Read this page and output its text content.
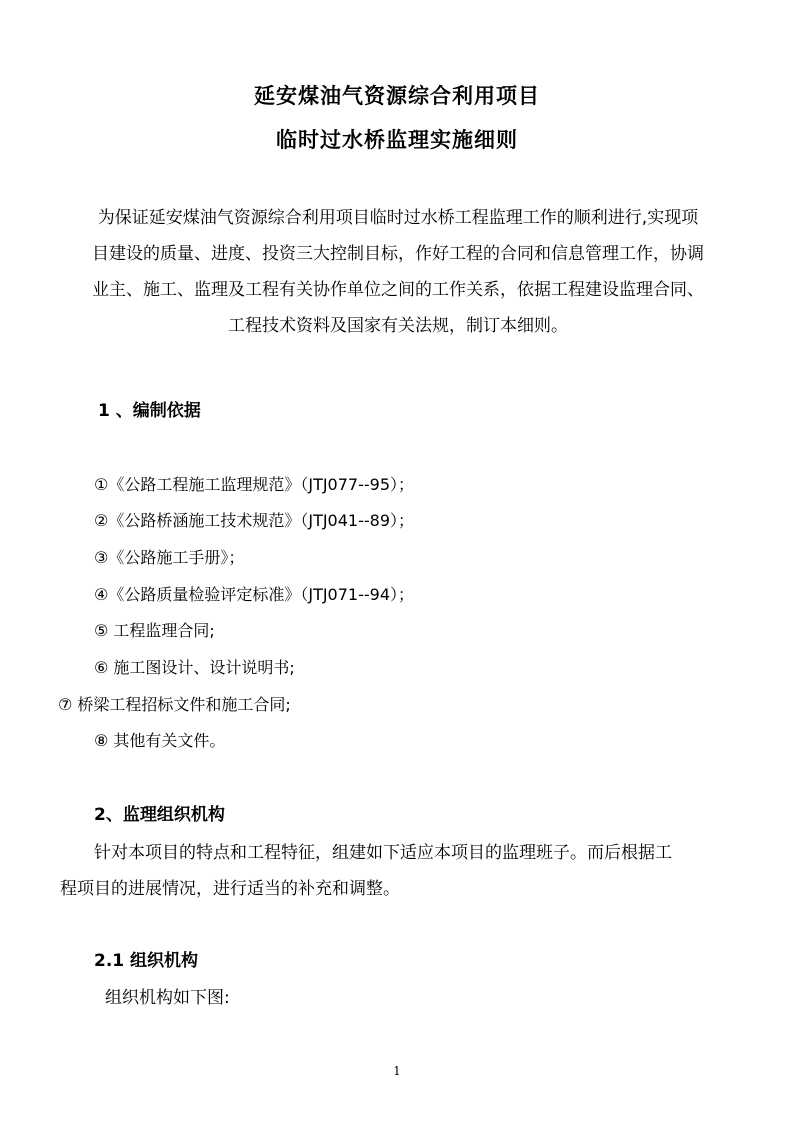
延安煤油气资源综合利用项目
临时过水桥监理实施细则
为保证延安煤油气资源综合利用项目临时过水桥工程监理工作的顺利进行,实现项
目建设的质量、进度、投资三大控制目标，作好工程的合同和信息管理工作，协调
业主、施工、监理及工程有关协作单位之间的工作关系，依据工程建设监理合同、
工程技术资料及国家有关法规，制订本细则。
1 、编制依据
①《公路工程施工监理规范》（JTJ077--95）；
②《公路桥涵施工技术规范》（JTJ041--89）；
③《公路施工手册》；
④《公路质量检验评定标准》（JTJ071--94）；
⑤ 工程监理合同;
⑥ 施工图设计、设计说明书;
⑦ 桥梁工程招标文件和施工合同;
⑧ 其他有关文件。
2、监理组织机构
针对本项目的特点和工程特征，组建如下适应本项目的监理班子。而后根据工
程项目的进展情况，进行适当的补充和调整。
2.1 组织机构
组织机构如下图:
1
